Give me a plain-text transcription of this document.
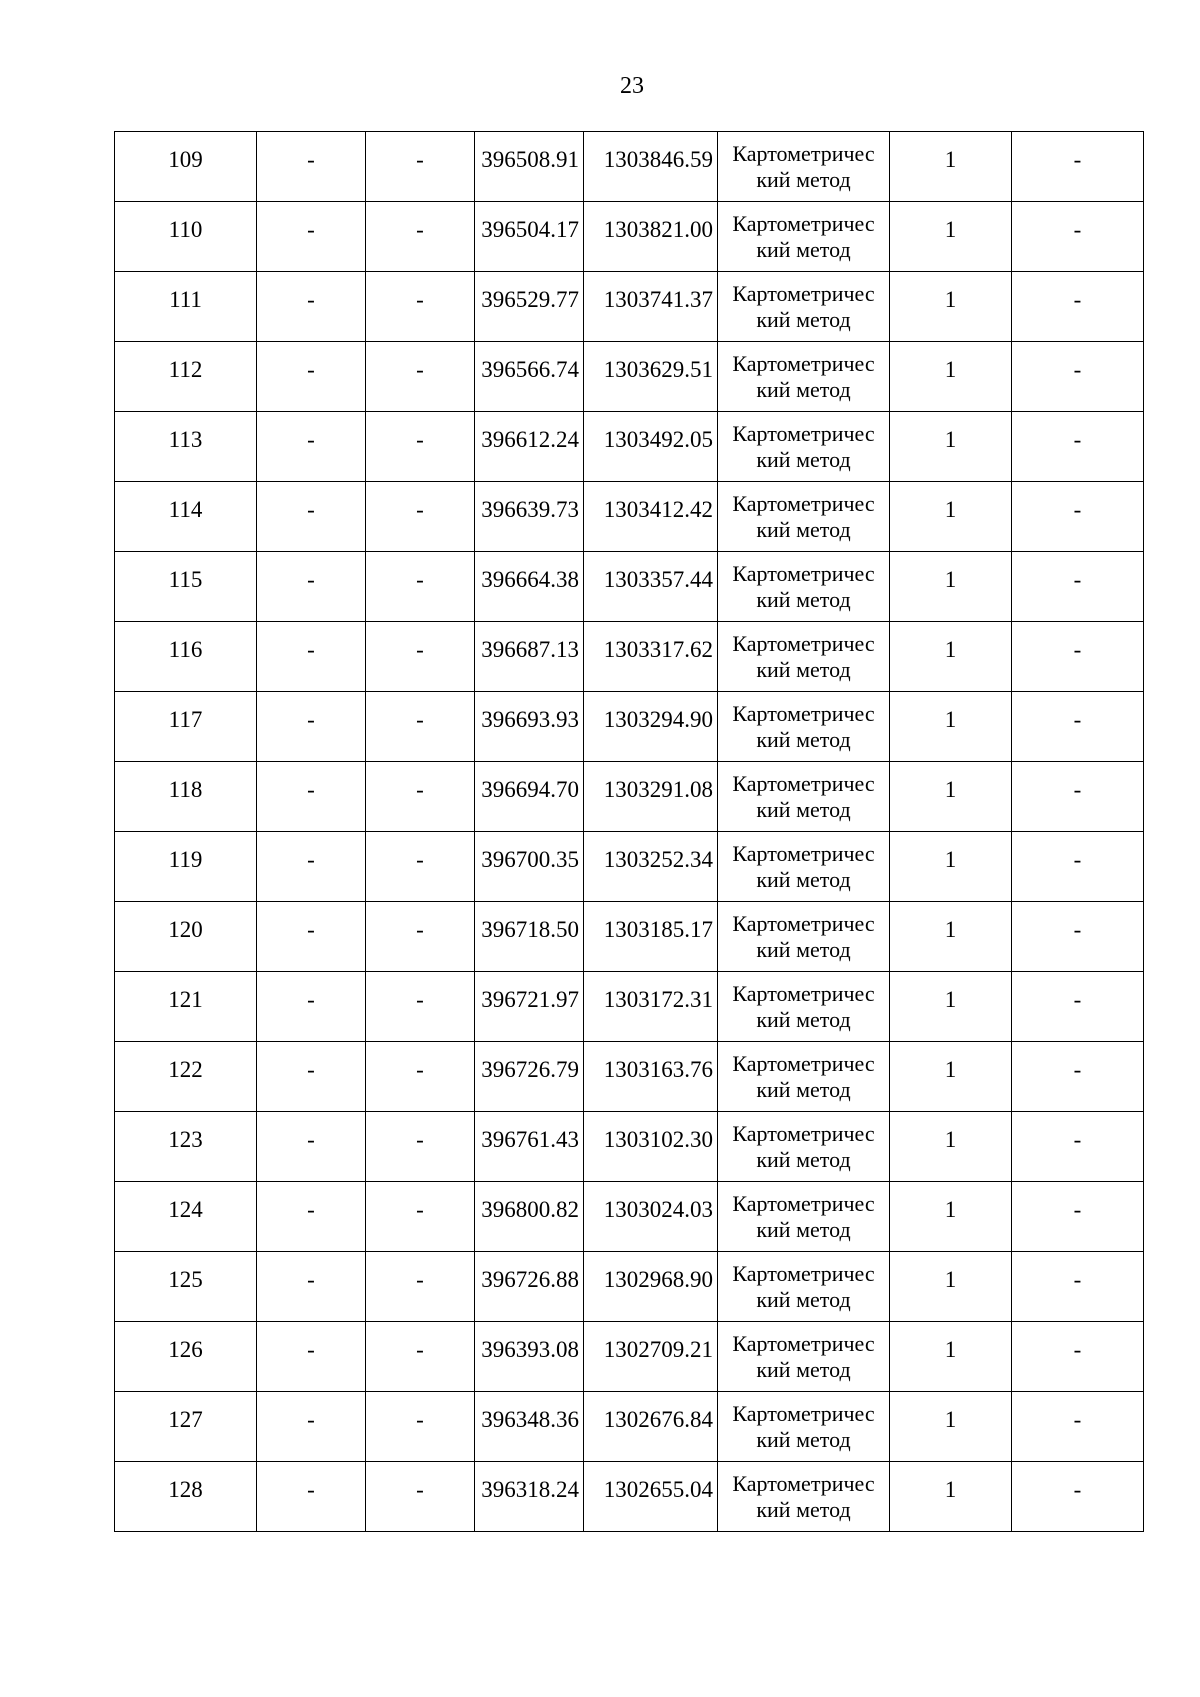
23
109	-	-	396508.91	1303846.59	Картометричес
кий метод	1	-
110	-	-	396504.17	1303821.00	Картометричес
кий метод	1	-
111	-	-	396529.77	1303741.37	Картометричес
кий метод	1	-
112	-	-	396566.74	1303629.51	Картометричес
кий метод	1	-
113	-	-	396612.24	1303492.05	Картометричес
кий метод	1	-
114	-	-	396639.73	1303412.42	Картометричес
кий метод	1	-
115	-	-	396664.38	1303357.44	Картометричес
кий метод	1	-
116	-	-	396687.13	1303317.62	Картометричес
кий метод	1	-
117	-	-	396693.93	1303294.90	Картометричес
кий метод	1	-
118	-	-	396694.70	1303291.08	Картометричес
кий метод	1	-
119	-	-	396700.35	1303252.34	Картометричес
кий метод	1	-
120	-	-	396718.50	1303185.17	Картометричес
кий метод	1	-
121	-	-	396721.97	1303172.31	Картометричес
кий метод	1	-
122	-	-	396726.79	1303163.76	Картометричес
кий метод	1	-
123	-	-	396761.43	1303102.30	Картометричес
кий метод	1	-
124	-	-	396800.82	1303024.03	Картометричес
кий метод	1	-
125	-	-	396726.88	1302968.90	Картометричес
кий метод	1	-
126	-	-	396393.08	1302709.21	Картометричес
кий метод	1	-
127	-	-	396348.36	1302676.84	Картометричес
кий метод	1	-
128	-	-	396318.24	1302655.04	Картометричес
кий метод	1	-
